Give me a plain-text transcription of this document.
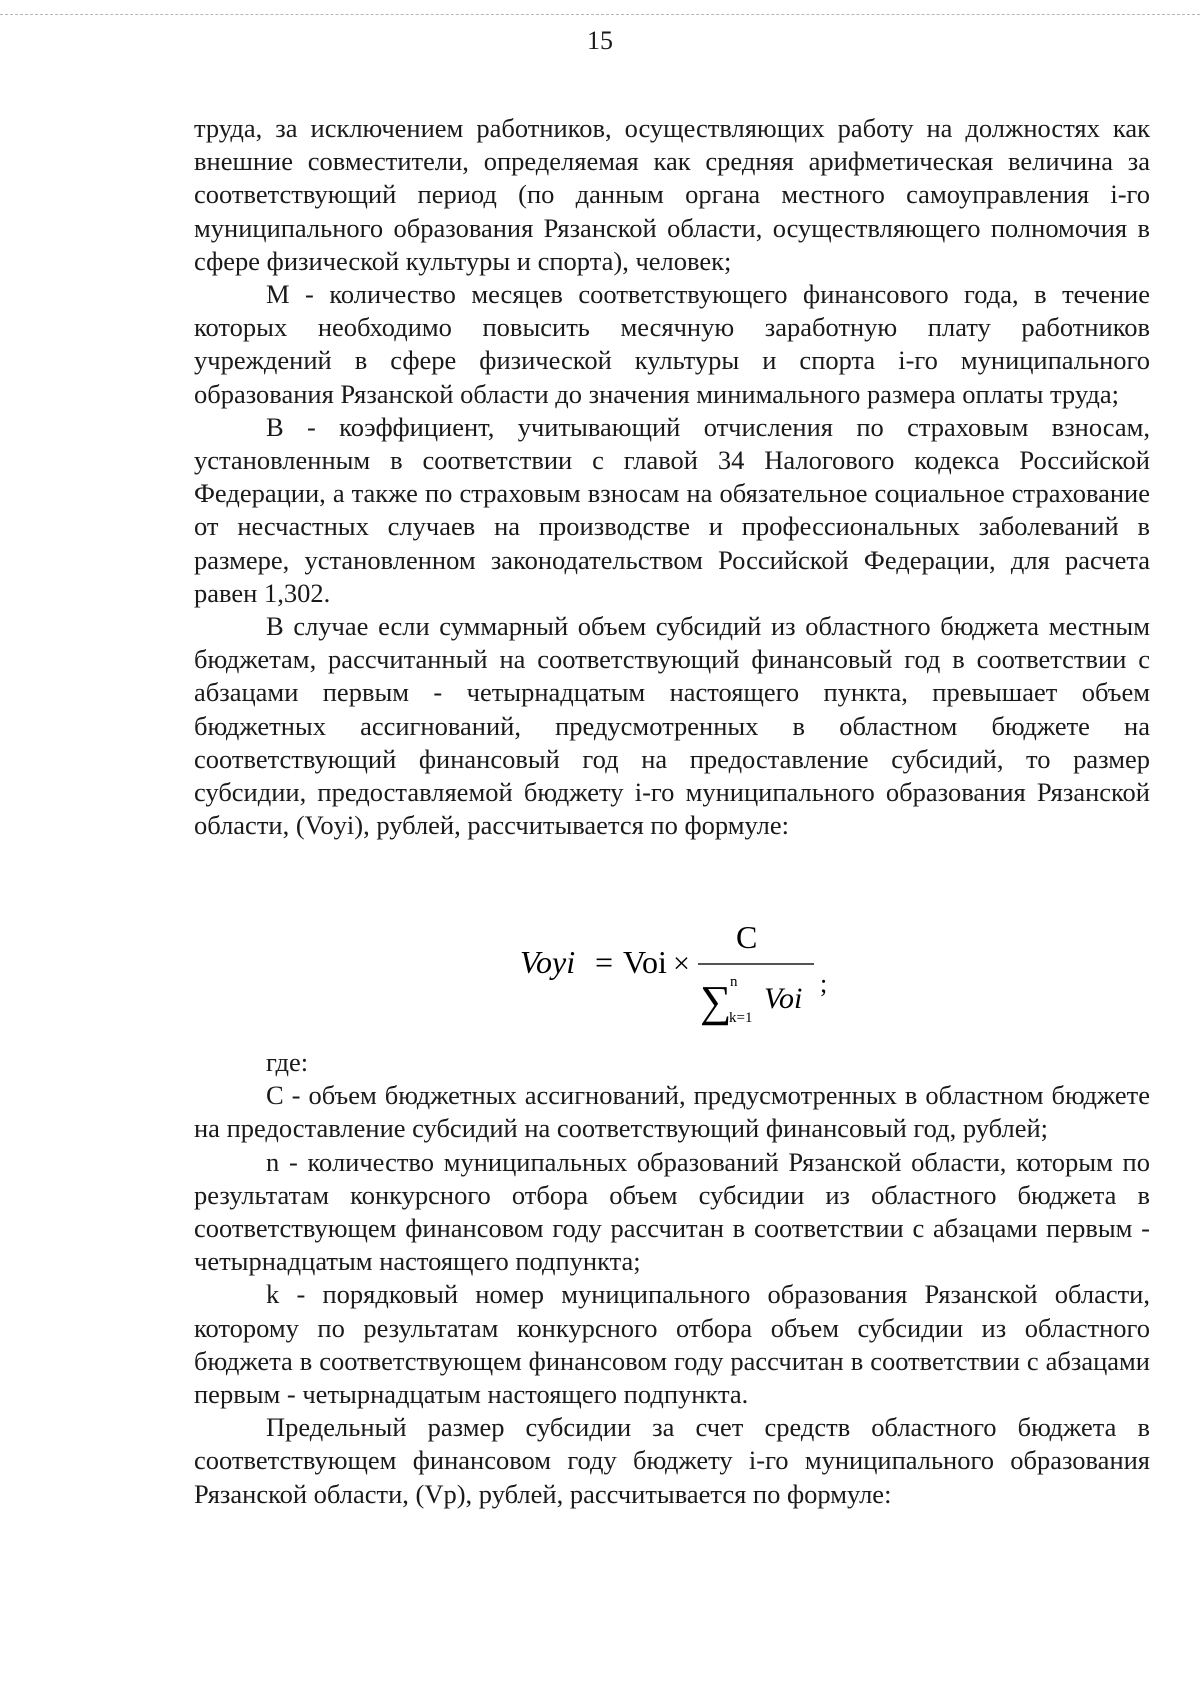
15

труда, за исключением работников, осуществляющих работу на должностях как внешние совместители, определяемая как средняя арифметическая величина за соответствующий период (по данным органа местного самоуправления i-го муниципального образования Рязанской области, осуществляющего полномочия в сфере физической культуры и спорта), человек;

М - количество месяцев соответствующего финансового года, в течение которых необходимо повысить месячную заработную плату работников учреждений в сфере физической культуры и спорта i-го муниципального образования Рязанской области до значения минимального размера оплаты труда;

В - коэффициент, учитывающий отчисления по страховым взносам, установленным в соответствии с главой 34 Налогового кодекса Российской Федерации, а также по страховым взносам на обязательное социальное страхование от несчастных случаев на производстве и профессиональных заболеваний в размере, установленном законодательством Российской Федерации, для расчета равен 1,302.

В случае если суммарный объем субсидий из областного бюджета местным бюджетам, рассчитанный на соответствующий финансовый год в соответствии с абзацами первым - четырнадцатым настоящего пункта, превышает объем бюджетных ассигнований, предусмотренных в областном бюджете на соответствующий финансовый год на предоставление субсидий, то размер субсидии, предоставляемой бюджету i-го муниципального образования Рязанской области, (Voyi), рублей, рассчитывается по формуле:

Voyi = Voi ×
C
∑
n
k=1
Voi ;

где:

С - объем бюджетных ассигнований, предусмотренных в областном бюджете на предоставление субсидий на соответствующий финансовый год, рублей;

n - количество муниципальных образований Рязанской области, которым по результатам конкурсного отбора объем субсидии из областного бюджета в соответствующем финансовом году рассчитан в соответствии с абзацами первым - четырнадцатым настоящего подпункта;

k - порядковый номер муниципального образования Рязанской области, которому по результатам конкурсного отбора объем субсидии из областного бюджета в соответствующем финансовом году рассчитан в соответствии с абзацами первым - четырнадцатым настоящего подпункта.

Предельный размер субсидии за счет средств областного бюджета в соответствующем финансовом году бюджету i-го муниципального образования Рязанской области, (Vp), рублей, рассчитывается по формуле:
